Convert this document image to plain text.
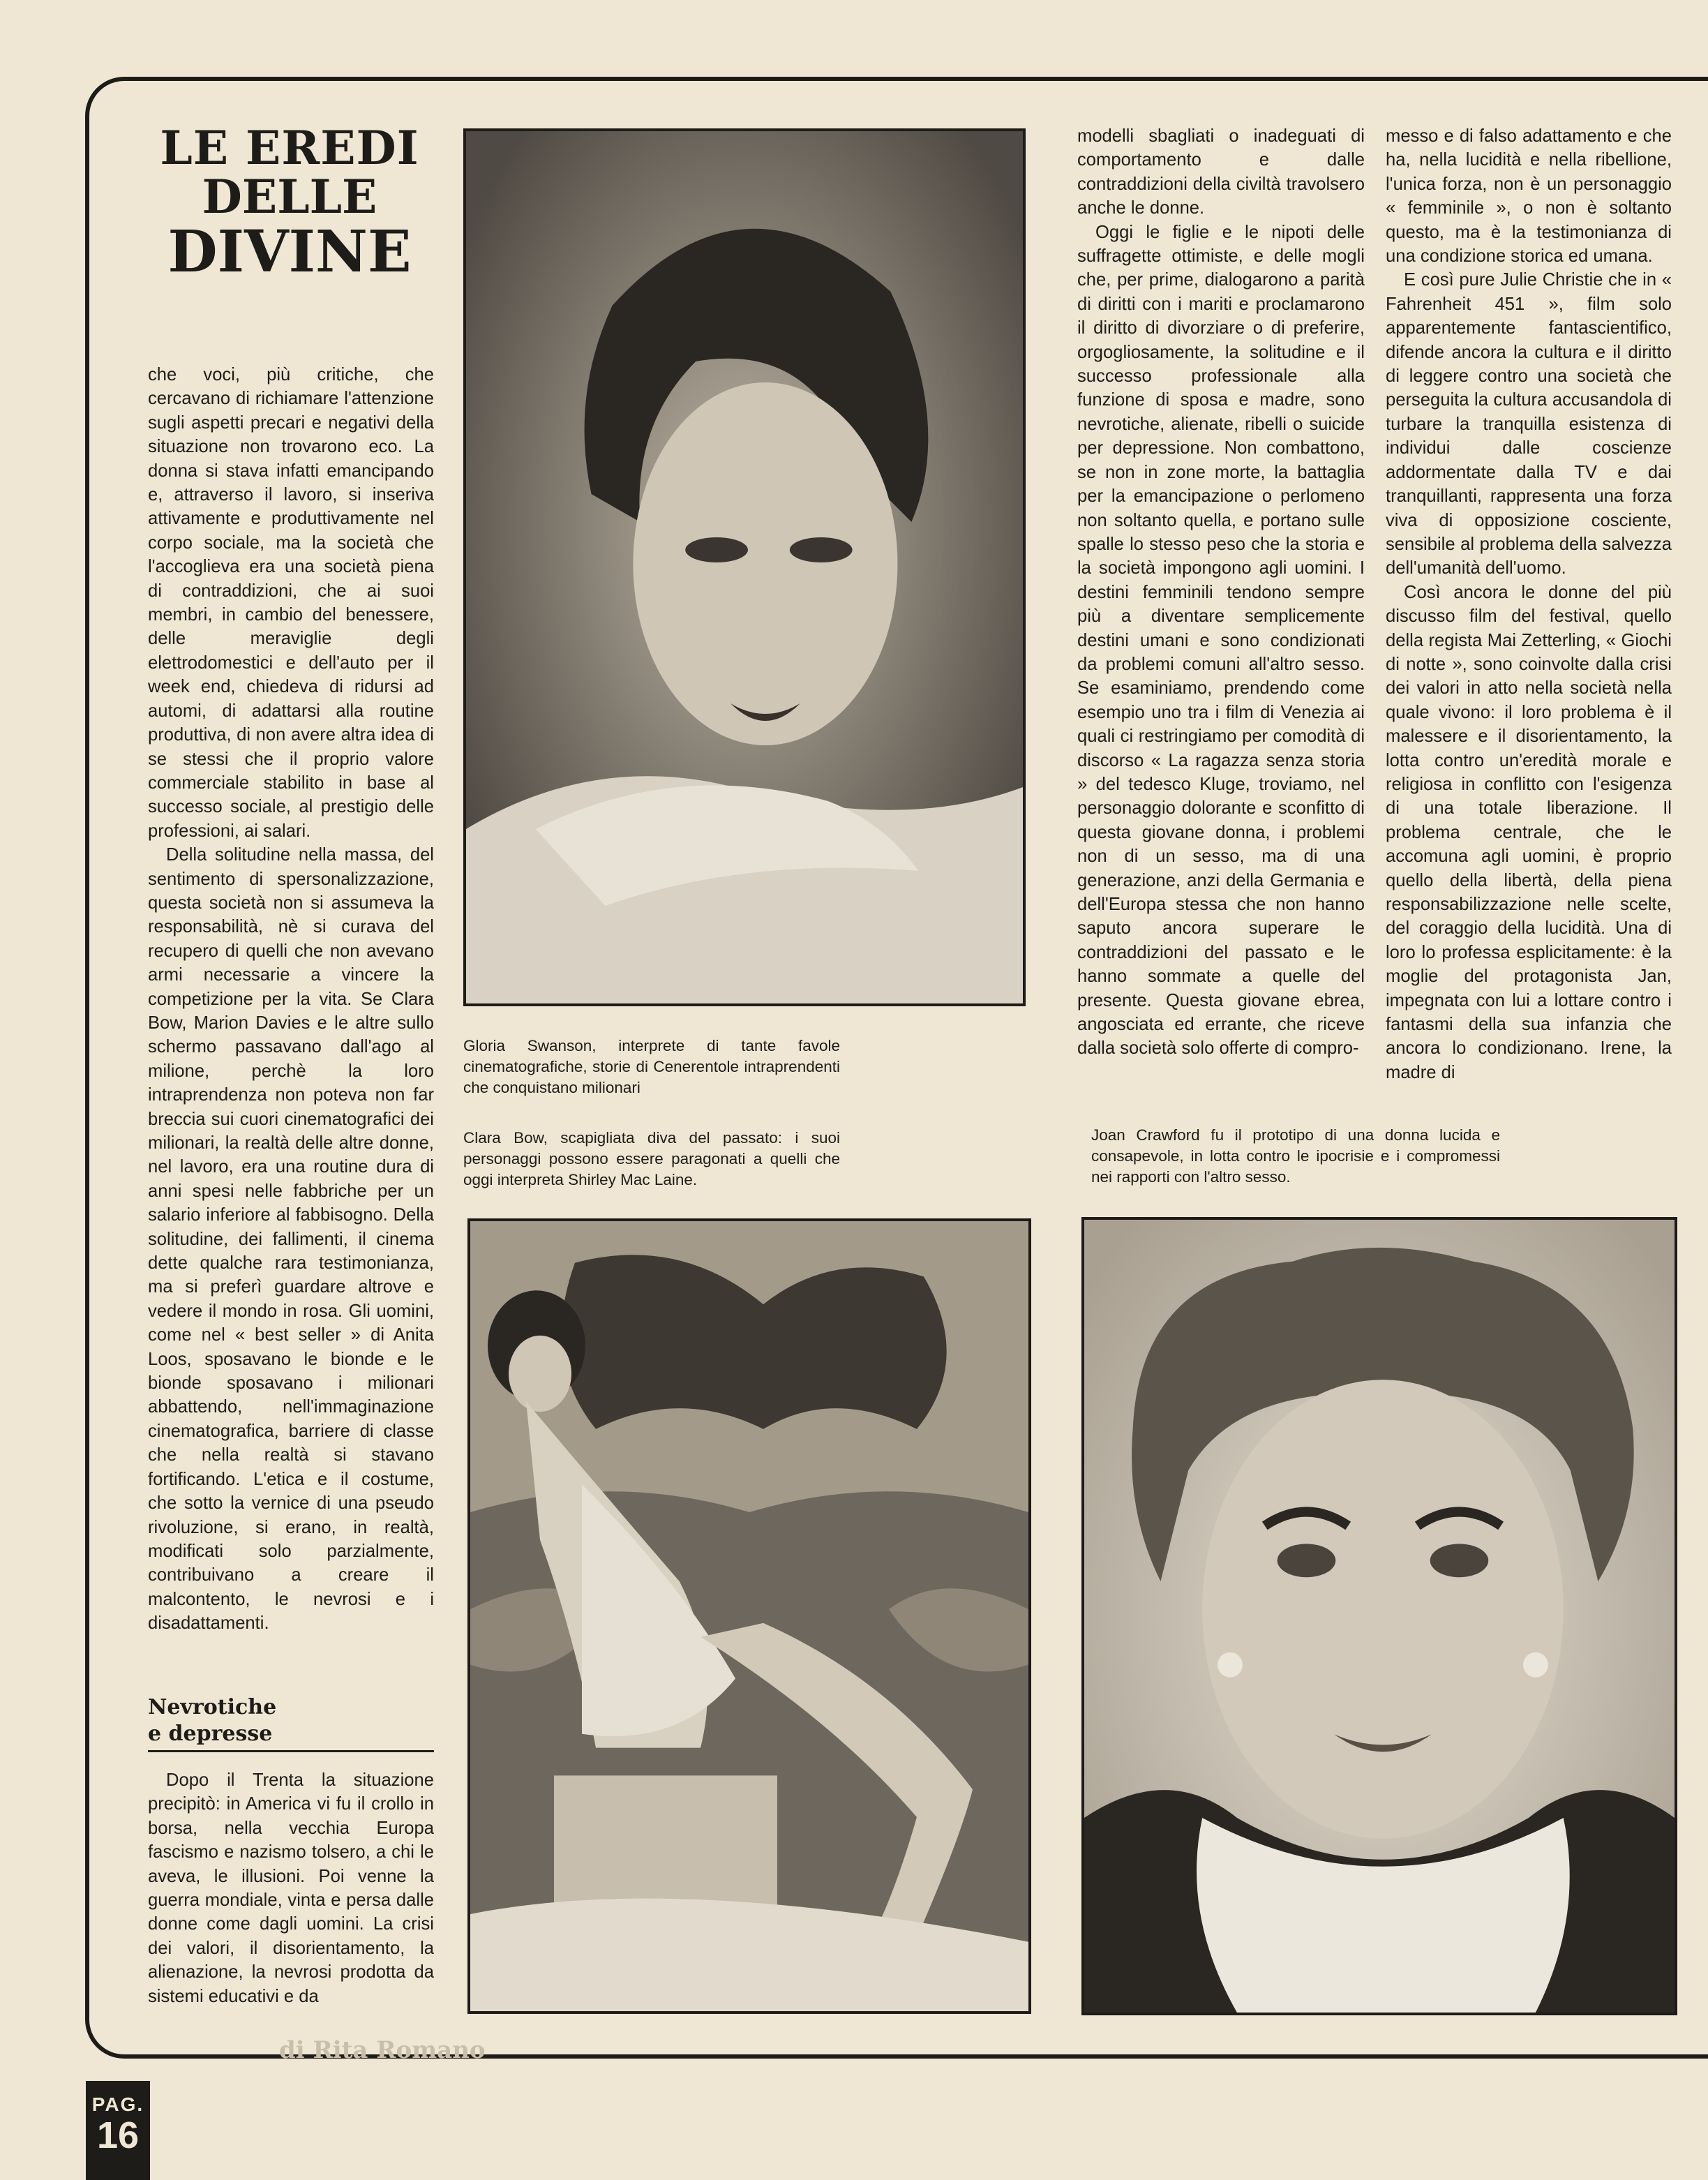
LE EREDI
DELLE
DIVINE

che voci, più critiche, che cercavano di richiamare l'attenzione sugli aspetti precari e negativi della situazione non trovarono eco. La donna si stava infatti emancipando e, attraverso il lavoro, si inseriva attivamente e produttivamente nel corpo sociale, ma la società che l'accoglieva era una società piena di contraddizioni, che ai suoi membri, in cambio del benessere, delle meraviglie degli elettrodomestici e dell'auto per il week end, chiedeva di ridursi ad automi, di adattarsi alla routine produttiva, di non avere altra idea di se stessi che il proprio valore commerciale stabilito in base al successo sociale, al prestigio delle professioni, ai salari.

Della solitudine nella massa, del sentimento di spersonalizzazione, questa società non si assumeva la responsabilità, nè si curava del recupero di quelli che non avevano armi necessarie a vincere la competizione per la vita. Se Clara Bow, Marion Davies e le altre sullo schermo passavano dall'ago al milione, perchè la loro intraprendenza non poteva non far breccia sui cuori cinematografici dei milionari, la realtà delle altre donne, nel lavoro, era una routine dura di anni spesi nelle fabbriche per un salario inferiore al fabbisogno. Della solitudine, dei fallimenti, il cinema dette qualche rara testimonianza, ma si preferì guardare altrove e vedere il mondo in rosa. Gli uomini, come nel « best seller » di Anita Loos, sposavano le bionde e le bionde sposavano i milionari abbattendo, nell'immaginazione cinematografica, barriere di classe che nella realtà si stavano fortificando. L'etica e il costume, che sotto la vernice di una pseudo rivoluzione, si erano, in realtà, modificati solo parzialmente, contribuivano a creare il malcontento, le nevrosi e i disadattamenti.

Nevrotiche
e depresse

Dopo il Trenta la situazione precipitò: in America vi fu il crollo in borsa, nella vecchia Europa fascismo e nazismo tolsero, a chi le aveva, le illusioni. Poi venne la guerra mondiale, vinta e persa dalle donne come dagli uomini. La crisi dei valori, il disorientamento, la alienazione, la nevrosi prodotta da sistemi educativi e da

Gloria Swanson, interprete di tante favole cinematografiche, storie di Cenerentole intraprendenti che conquistano milionari

Clara Bow, scapigliata diva del passato: i suoi personaggi possono essere paragonati a quelli che oggi interpreta Shirley Mac Laine.

modelli sbagliati o inadeguati di comportamento e dalle contraddizioni della civiltà travolsero anche le donne.

Oggi le figlie e le nipoti delle suffragette ottimiste, e delle mogli che, per prime, dialogarono a parità di diritti con i mariti e proclamarono il diritto di divorziare o di preferire, orgogliosamente, la solitudine e il successo professionale alla funzione di sposa e madre, sono nevrotiche, alienate, ribelli o suicide per depressione. Non combattono, se non in zone morte, la battaglia per la emancipazione o perlomeno non soltanto quella, e portano sulle spalle lo stesso peso che la storia e la società impongono agli uomini. I destini femminili tendono sempre più a diventare semplicemente destini umani e sono condizionati da problemi comuni all'altro sesso. Se esaminiamo, prendendo come esempio uno tra i film di Venezia ai quali ci restringiamo per comodità di discorso « La ragazza senza storia » del tedesco Kluge, troviamo, nel personaggio dolorante e sconfitto di questa giovane donna, i problemi non di un sesso, ma di una generazione, anzi della Germania e dell'Europa stessa che non hanno saputo ancora superare le contraddizioni del passato e le hanno sommate a quelle del presente. Questa giovane ebrea, angosciata ed errante, che riceve dalla società solo offerte di compro-

messo e di falso adattamento e che ha, nella lucidità e nella ribellione, l'unica forza, non è un personaggio « femminile », o non è soltanto questo, ma è la testimonianza di una condizione storica ed umana.

E così pure Julie Christie che in « Fahrenheit 451 », film solo apparentemente fantascientifico, difende ancora la cultura e il diritto di leggere contro una società che perseguita la cultura accusandola di turbare la tranquilla esistenza di individui dalle coscienze addormentate dalla TV e dai tranquillanti, rappresenta una forza viva di opposizione cosciente, sensibile al problema della salvezza dell'umanità dell'uomo.

Così ancora le donne del più discusso film del festival, quello della regista Mai Zetterling, « Giochi di notte », sono coinvolte dalla crisi dei valori in atto nella società nella quale vivono: il loro problema è il malessere e il disorientamento, la lotta contro un'eredità morale e religiosa in conflitto con l'esigenza di una totale liberazione. Il problema centrale, che le accomuna agli uomini, è proprio quello della libertà, della piena responsabilizzazione nelle scelte, del coraggio della lucidità. Una di loro lo professa esplicitamente: è la moglie del protagonista Jan, impegnata con lui a lottare contro i fantasmi della sua infanzia che ancora lo condizionano. Irene, la madre di

Joan Crawford fu il prototipo di una donna lucida e consapevole, in lotta contro le ipocrisie e i compromessi nei rapporti con l'altro sesso.

di Rita Romano

PAG.
16
